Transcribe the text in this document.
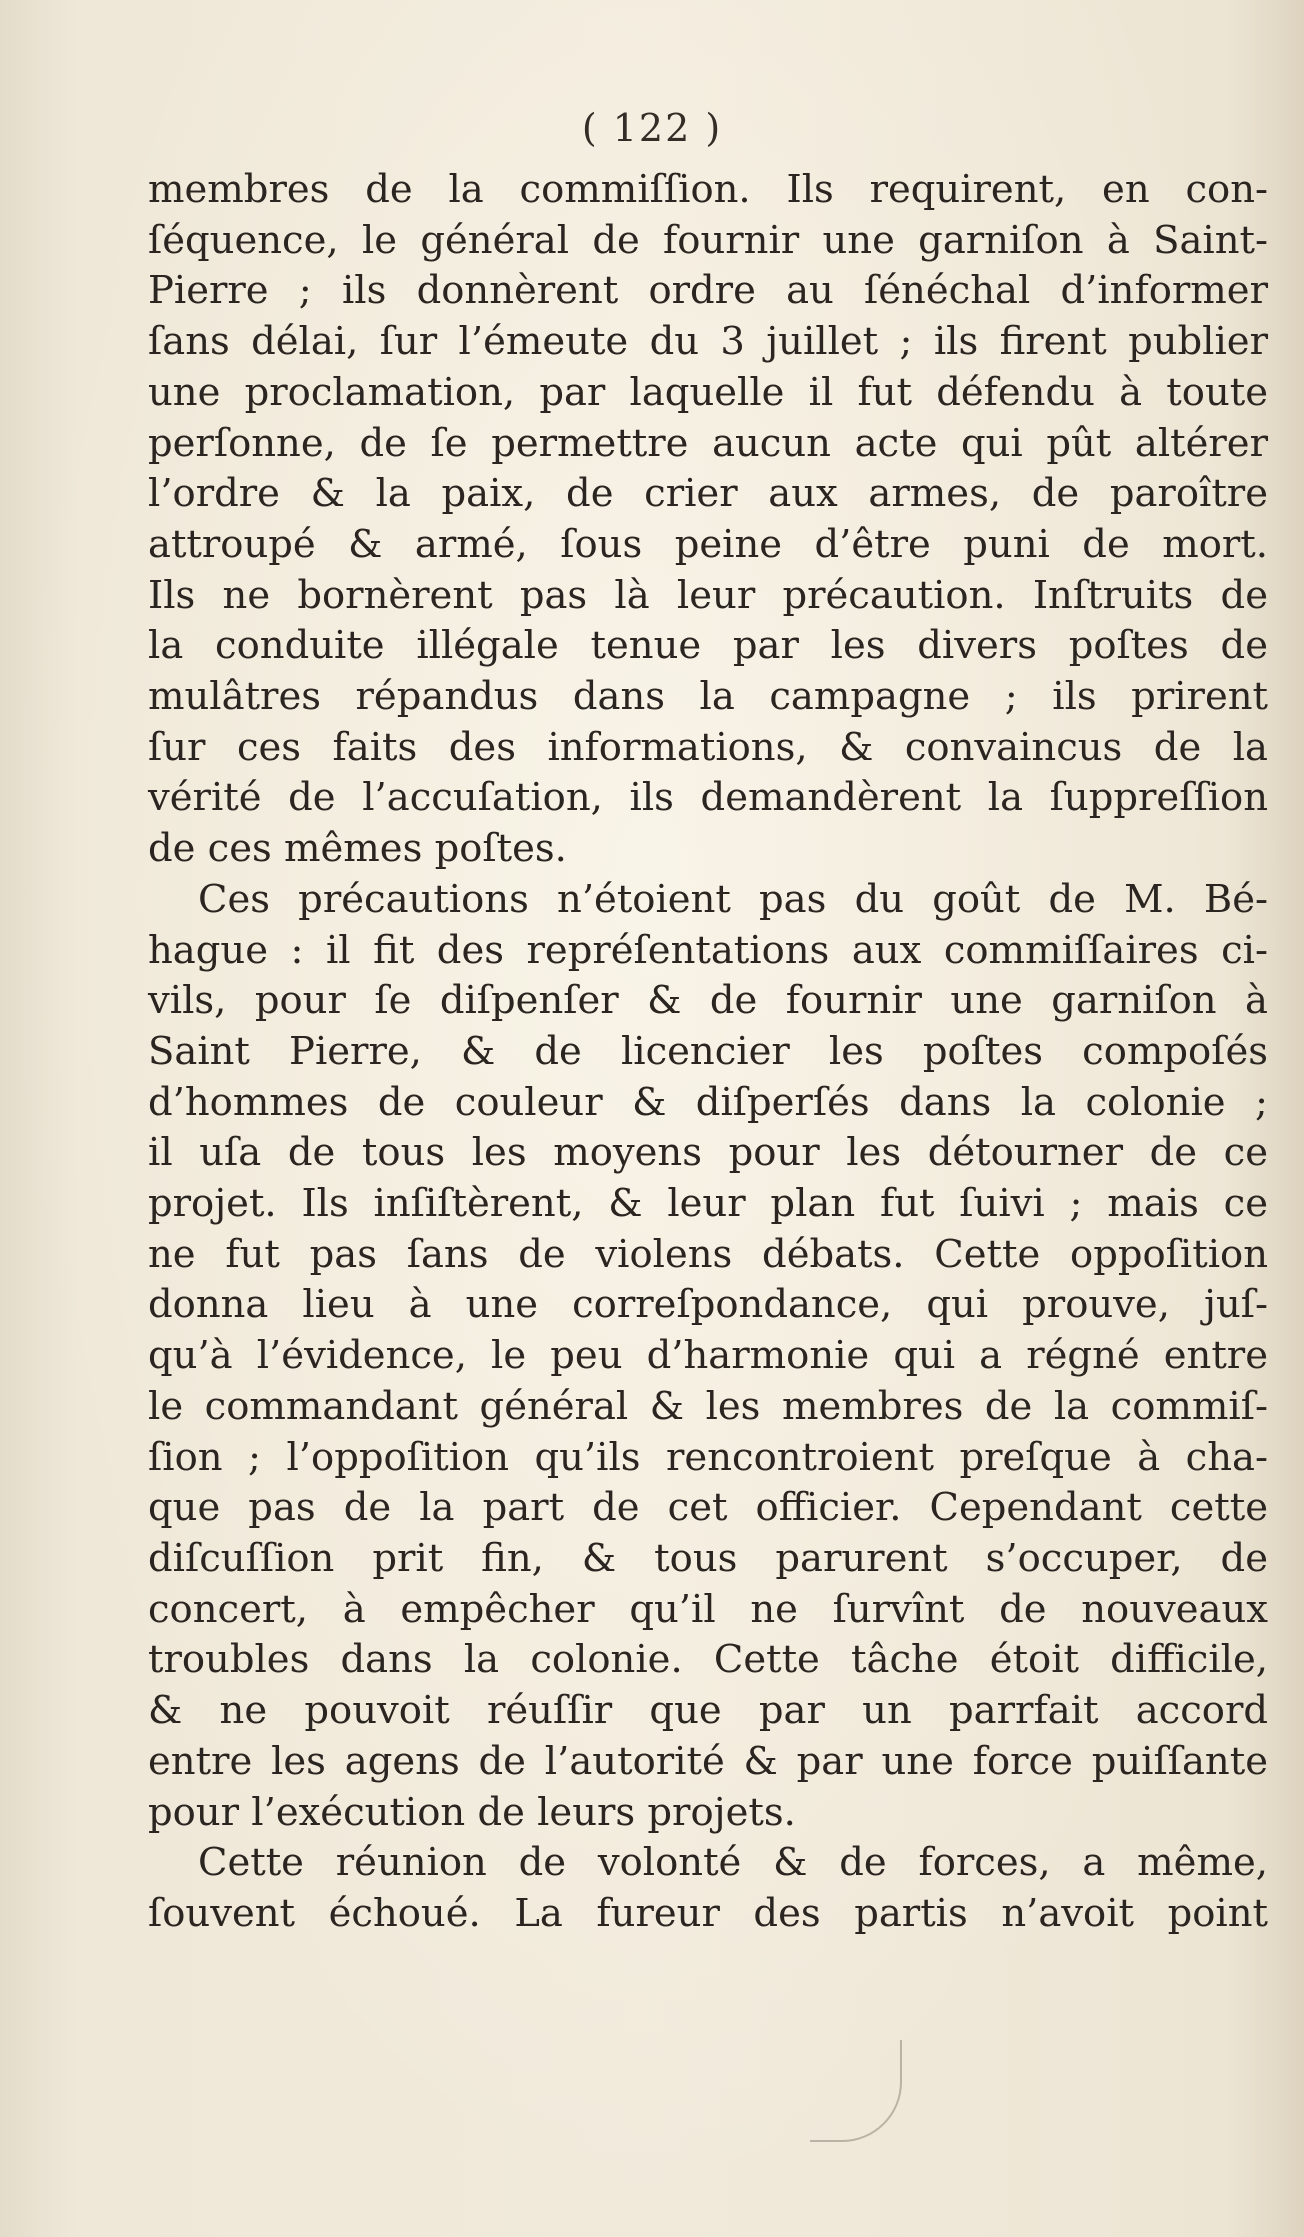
( 122 )
membres de la commiſſion. Ils requirent, en con-
ſéquence, le général de fournir une garniſon à Saint-
Pierre ; ils donnèrent ordre au ſénéchal d’informer
ſans délai, ſur l’émeute du 3 juillet ; ils firent publier
une proclamation, par laquelle il fut défendu à toute
perſonne, de ſe permettre aucun acte qui pût altérer
l’ordre & la paix, de crier aux armes, de paroître
attroupé & armé, ſous peine d’être puni de mort.
Ils ne bornèrent pas là leur précaution. Inſtruits de
la conduite illégale tenue par les divers poſtes de
mulâtres répandus dans la campagne ; ils prirent
ſur ces faits des informations, & convaincus de la
vérité de l’accuſation, ils demandèrent la ſuppreſſion
de ces mêmes poſtes.
Ces précautions n’étoient pas du goût de M. Bé-
hague : il fit des repréſentations aux commiſſaires ci-
vils, pour ſe diſpenſer & de fournir une garniſon à
Saint Pierre, & de licencier les poſtes compoſés
d’hommes de couleur & diſperſés dans la colonie ;
il uſa de tous les moyens pour les détourner de ce
projet. Ils inſiſtèrent, & leur plan fut ſuivi ; mais ce
ne fut pas ſans de violens débats. Cette oppoſition
donna lieu à une correſpondance, qui prouve, juſ-
qu’à l’évidence, le peu d’harmonie qui a régné entre
le commandant général & les membres de la commiſ-
ſion ; l’oppoſition qu’ils rencontroient preſque à cha-
que pas de la part de cet officier. Cependant cette
diſcuſſion prit fin, & tous parurent s’occuper, de
concert, à empêcher qu’il ne ſurvînt de nouveaux
troubles dans la colonie. Cette tâche étoit difficile,
& ne pouvoit réuſſir que par un parrfait accord
entre les agens de l’autorité & par une force puiſſante
pour l’exécution de leurs projets.
Cette réunion de volonté & de forces, a même,
ſouvent échoué. La fureur des partis n’avoit point
